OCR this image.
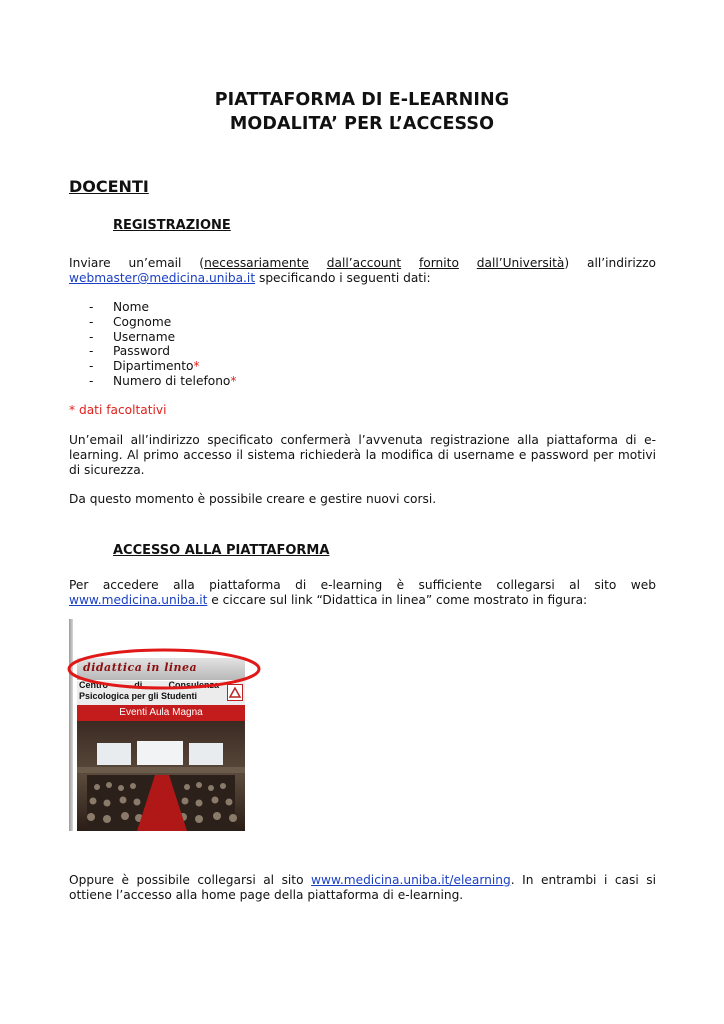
PIATTAFORMA DI E-LEARNING
MODALITA’ PER L’ACCESSO
DOCENTI
REGISTRAZIONE
Inviare un’email (necessariamente dall’account fornito dall’Università) all’indirizzo
webmaster@medicina.uniba.it specificando i seguenti dati:
-	Nome
-	Cognome
-	Username
-	Password
-	Dipartimento *
-	Numero di telefono *
* dati facoltativi
Un’email all’indirizzo specificato confermerà l’avvenuta registrazione alla piattaforma di e-learning. Al primo accesso il sistema richiederà la modifica di username e password per motivi di sicurezza.
Da questo momento è possibile creare e gestire nuovi corsi.
ACCESSO ALLA PIATTAFORMA
Per accedere alla piattaforma di e-learning è sufficiente collegarsi al sito web
www.medicina.uniba.it e ciccare sul link “Didattica in linea” come mostrato in figura:
didattica in linea
Centro	di	Consulenza
Psicologica per gli Studenti
Eventi Aula Magna
Oppure è possibile collegarsi al sito www.medicina.uniba.it/elearning. In entrambi i casi si ottiene l’accesso alla home page della piattaforma di e-learning.
